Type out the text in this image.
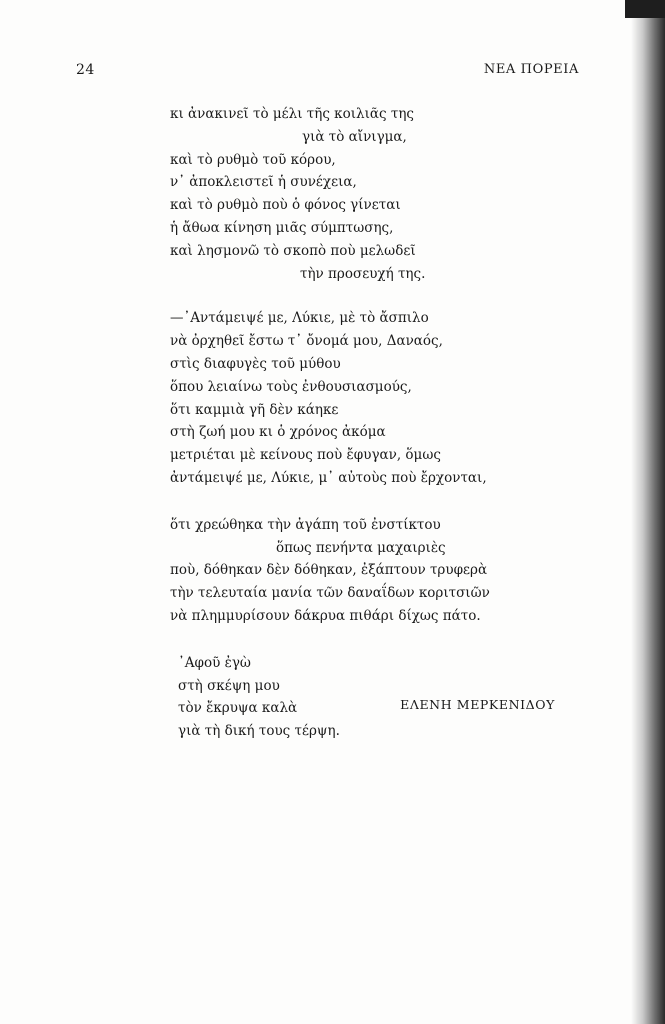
24	ΝΕΑ ΠΟΡΕΙΑ
κι ἀνακινεῖ τὸ μέλι τῆς κοιλιᾶς της
γιὰ τὸ αἴνιγμα,
καὶ τὸ ρυθμὸ τοῦ κόρου,
ν᾿ ἀποκλειστεῖ ἡ συνέχεια,
καὶ τὸ ρυθμὸ ποὺ ὁ φόνος γίνεται
ἡ ἄθωα κίνηση μιᾶς σύμπτωσης,
καὶ λησμονῶ τὸ σκοπὸ ποὺ μελωδεῖ
τὴν προσευχή της.
—᾿Αντάμειψέ με, Λύκιε, μὲ τὸ ἄσπιλο
νὰ ὀρχηθεῖ ἔστω τ᾿ ὄνομά μου, Δαναός,
στὶς διαφυγὲς τοῦ μύθου
ὅπου λειαίνω τοὺς ἐνθουσιασμούς,
ὅτι καμμιὰ γῆ δὲν κάηκε
στὴ ζωή μου κι ὁ χρόνος ἀκόμα
μετριέται μὲ κείνους ποὺ ἔφυγαν, ὅμως
ἀντάμειψέ με, Λύκιε, μ᾿ αὐτοὺς ποὺ ἔρχονται,
ὅτι χρεώθηκα τὴν ἀγάπη τοῦ ἐνστίκτου
ὅπως πενήντα μαχαιριὲς
ποὺ, δόθηκαν δὲν δόθηκαν, ἐξάπτουν τρυφερὰ
τὴν τελευταία μανία τῶν δαναΐδων κοριτσιῶν
νὰ πλημμυρίσουν δάκρυα πιθάρι δίχως πάτο.
᾿Αφοῦ ἐγὼ
στὴ σκέψη μου
τὸν ἔκρυψα καλὰ
γιὰ τὴ δική τους τέρψη.
ΕΛΕΝΗ ΜΕΡΚΕΝΙΔΟΥ
